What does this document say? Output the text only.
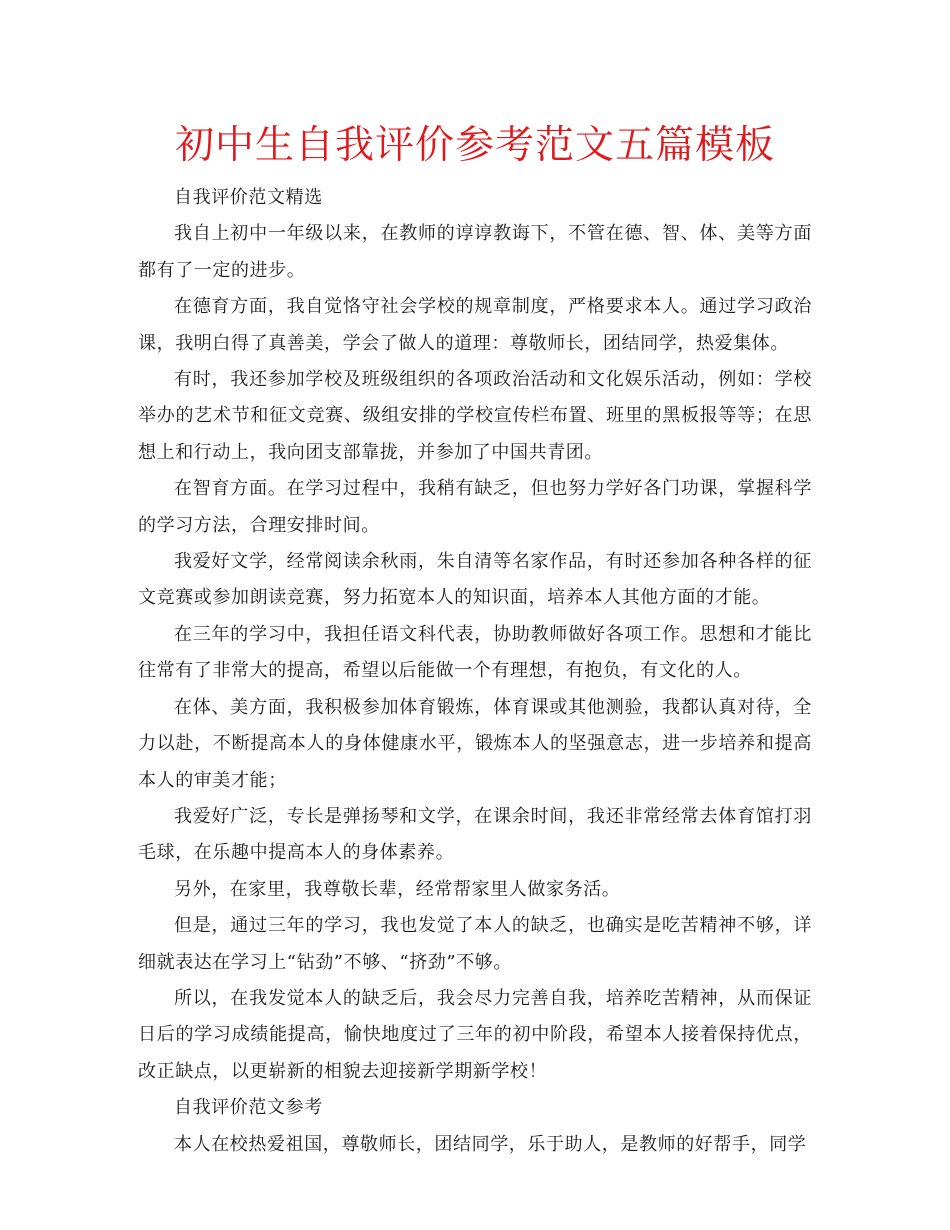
初中生自我评价参考范文五篇模板

自我评价范文精选

我自上初中一年级以来，在教师的谆谆教诲下，不管在德、智、体、美等方面都有了一定的进步。

在德育方面，我自觉恪守社会学校的规章制度，严格要求本人。通过学习政治课，我明白得了真善美，学会了做人的道理：尊敬师长，团结同学，热爱集体。

有时，我还参加学校及班级组织的各项政治活动和文化娱乐活动，例如：学校举办的艺术节和征文竞赛、级组安排的学校宣传栏布置、班里的黑板报等等；在思想上和行动上，我向团支部靠拢，并参加了中国共青团。

在智育方面。在学习过程中，我稍有缺乏，但也努力学好各门功课，掌握科学的学习方法，合理安排时间。

我爱好文学，经常阅读余秋雨，朱自清等名家作品，有时还参加各种各样的征文竞赛或参加朗读竞赛，努力拓宽本人的知识面，培养本人其他方面的才能。

在三年的学习中，我担任语文科代表，协助教师做好各项工作。思想和才能比往常有了非常大的提高，希望以后能做一个有理想，有抱负，有文化的人。

在体、美方面，我积极参加体育锻炼，体育课或其他测验，我都认真对待，全力以赴，不断提高本人的身体健康水平，锻炼本人的坚强意志，进一步培养和提高本人的审美才能；

我爱好广泛，专长是弹扬琴和文学，在课余时间，我还非常经常去体育馆打羽毛球，在乐趣中提高本人的身体素养。

另外，在家里，我尊敬长辈，经常帮家里人做家务活。

但是，通过三年的学习，我也发觉了本人的缺乏，也确实是吃苦精神不够，详细就表达在学习上“钻劲”不够、“挤劲”不够。

所以，在我发觉本人的缺乏后，我会尽力完善自我，培养吃苦精神，从而保证日后的学习成绩能提高，愉快地度过了三年的初中阶段，希望本人接着保持优点，改正缺点，以更崭新的相貌去迎接新学期新学校！

自我评价范文参考

本人在校热爱祖国，尊敬师长，团结同学，乐于助人，是教师的好帮手，同学
